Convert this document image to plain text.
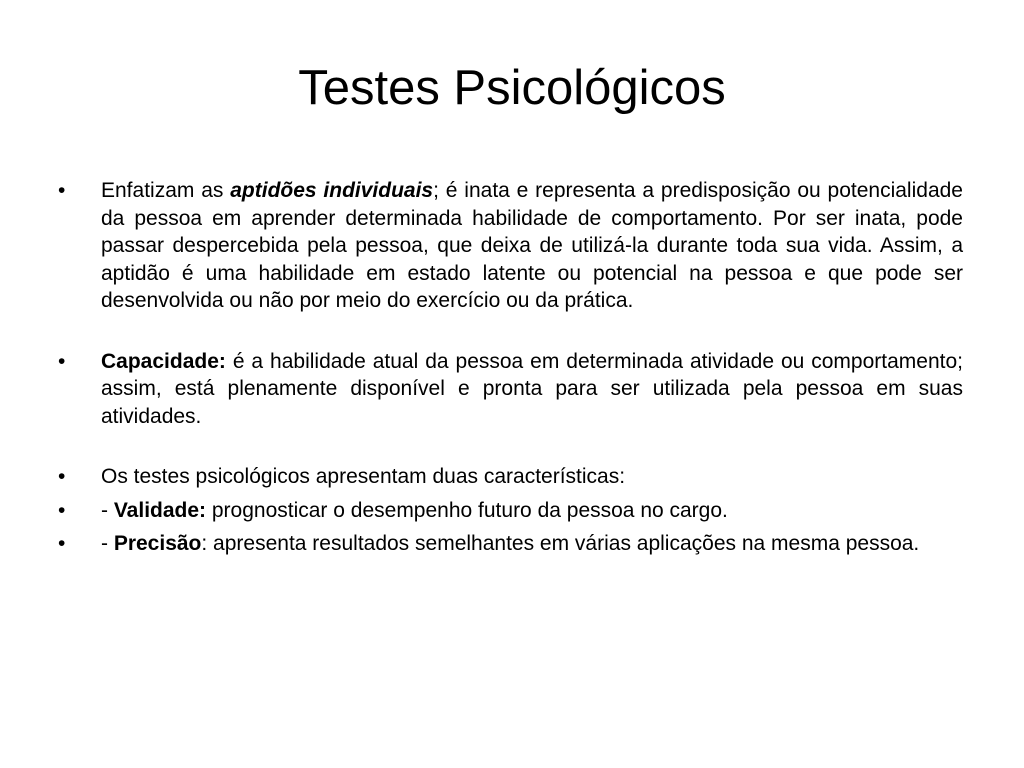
Testes Psicológicos
• Enfatizam as aptidões individuais; é inata e representa a predisposição ou potencialidade da pessoa em aprender determinada habilidade de comportamento. Por ser inata, pode passar despercebida pela pessoa, que deixa de utilizá-la durante toda sua vida. Assim, a aptidão é uma habilidade em estado latente ou potencial na pessoa e que pode ser desenvolvida ou não por meio do exercício ou da prática.
• Capacidade: é a habilidade atual da pessoa em determinada atividade ou comportamento; assim, está plenamente disponível e pronta para ser utilizada pela pessoa em suas atividades.
• Os testes psicológicos apresentam duas características:
• - Validade: prognosticar o desempenho futuro da pessoa no cargo.
• - Precisão: apresenta resultados semelhantes em várias aplicações na mesma pessoa.
